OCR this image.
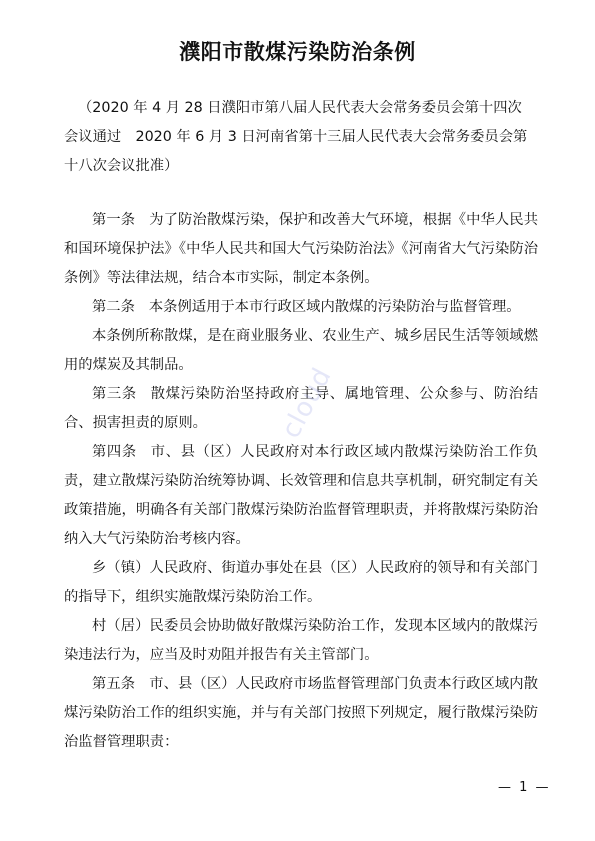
濮阳市散煤污染防治条例
（2020 年 4 月 28 日濮阳市第八届人民代表大会常务委员会第十四次会议通过　2020 年 6 月 3 日河南省第十三届人民代表大会常务委员会第十八次会议批准）

第一条 为了防治散煤污染，保护和改善大气环境，根据《中华人民共和国环境保护法》《中华人民共和国大气污染防治法》《河南省大气污染防治条例》等法律法规，结合本市实际，制定本条例。

第二条 本条例适用于本市行政区域内散煤的污染防治与监督管理。

本条例所称散煤，是在商业服务业、农业生产、城乡居民生活等领域燃用的煤炭及其制品。

第三条 散煤污染防治坚持政府主导、属地管理、公众参与、防治结合、损害担责的原则。

第四条 市、县（区）人民政府对本行政区域内散煤污染防治工作负责，建立散煤污染防治统筹协调、长效管理和信息共享机制，研究制定有关政策措施，明确各有关部门散煤污染防治监督管理职责，并将散煤污染防治纳入大气污染防治考核内容。

乡（镇）人民政府、街道办事处在县（区）人民政府的领导和有关部门的指导下，组织实施散煤污染防治工作。

村（居）民委员会协助做好散煤污染防治工作，发现本区域内的散煤污染违法行为，应当及时劝阻并报告有关主管部门。

第五条 市、县（区）人民政府市场监督管理部门负责本行政区域内散煤污染防治工作的组织实施，并与有关部门按照下列规定，履行散煤污染防治监督管理职责：

cloud
— 1 —
